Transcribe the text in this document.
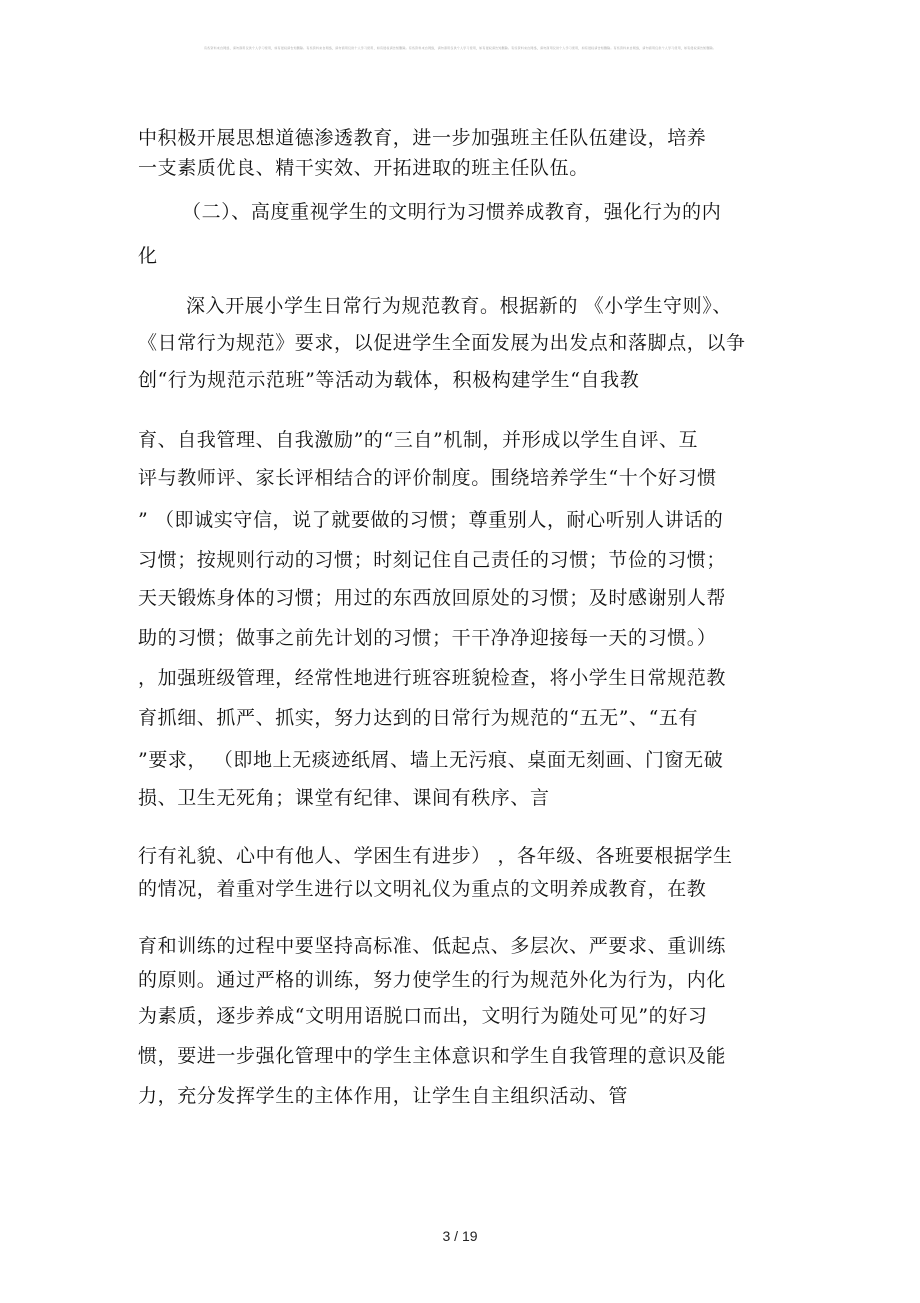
有些资料来自网络，请勿商用仅供个人学习使用，如有侵权请告知删除。有些资料来自网络，请勿商用仅供个人学习使用，如有侵权请告知删除。有些资料来自网络，请勿商用仅供个人学习使用，如有侵权请告知删除。有些资料来自网络，请勿商用仅供个人学习使用，如有侵权请告知删除。有些资料来自网络，请勿商用仅供个人学习使用，如有侵权请告知删除。
中积极开展思想道德渗透教育，进一步加强班主任队伍建设，培养
一支素质优良、精干实效、开拓进取的班主任队伍。
（二）、高度重视学生的文明行为习惯养成教育，强化行为的内
化
深入开展小学生日常行为规范教育。根据新的 《小学生守则》、
《日常行为规范》要求，以促进学生全面发展为出发点和落脚点，以争
创“行为规范示范班”等活动为载体，积极构建学生“自我教
育、自我管理、自我激励”的“三自”机制，并形成以学生自评、互
评与教师评、家长评相结合的评价制度。围绕培养学生“十个好习惯
” （即诚实守信，说了就要做的习惯；尊重别人，耐心听别人讲话的
习惯；按规则行动的习惯；时刻记住自己责任的习惯；节俭的习惯；
天天锻炼身体的习惯；用过的东西放回原处的习惯；及时感谢别人帮
助的习惯；做事之前先计划的习惯；干干净净迎接每一天的习惯。）
，加强班级管理，经常性地进行班容班貌检查，将小学生日常规范教
育抓细、抓严、抓实，努力达到的日常行为规范的“五无”、“五有
”要求， （即地上无痰迹纸屑、墙上无污痕、桌面无刻画、门窗无破
损、卫生无死角；课堂有纪律、课间有秩序、言
行有礼貌、心中有他人、学困生有进步） ，各年级、各班要根据学生
的情况，着重对学生进行以文明礼仪为重点的文明养成教育，在教
育和训练的过程中要坚持高标准、低起点、多层次、严要求、重训练
的原则。通过严格的训练，努力使学生的行为规范外化为行为，内化
为素质，逐步养成“文明用语脱口而出，文明行为随处可见”的好习
惯，要进一步强化管理中的学生主体意识和学生自我管理的意识及能
力，充分发挥学生的主体作用，让学生自主组织活动、管
3 / 19
